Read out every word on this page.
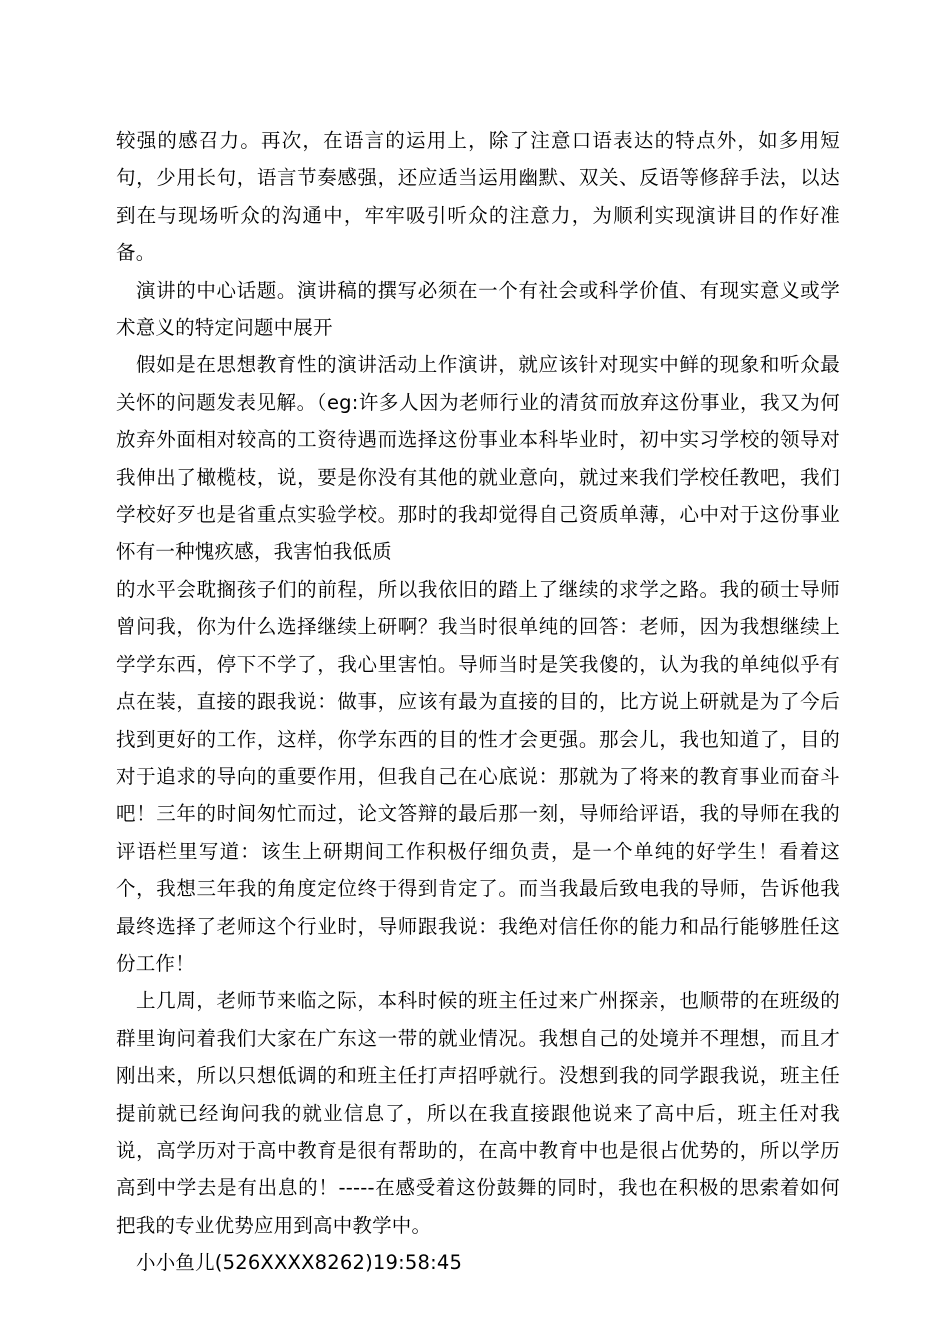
较强的感召力。再次，在语言的运用上，除了注意口语表达的特点外，如多用短句，少用长句，语言节奏感强，还应适当运用幽默、双关、反语等修辞手法，以达到在与现场听众的沟通中，牢牢吸引听众的注意力，为顺利实现演讲目的作好准备。

演讲的中心话题。演讲稿的撰写必须在一个有社会或科学价值、有现实意义或学术意义的特定问题中展开

假如是在思想教育性的演讲活动上作演讲，就应该针对现实中鲜的现象和听众最关怀的问题发表见解。（eg:许多人因为老师行业的清贫而放弃这份事业，我又为何放弃外面相对较高的工资待遇而选择这份事业本科毕业时，初中实习学校的领导对我伸出了橄榄枝，说，要是你没有其他的就业意向，就过来我们学校任教吧，我们学校好歹也是省重点实验学校。那时的我却觉得自己资质单薄，心中对于这份事业怀有一种愧疚感，我害怕我低质

的水平会耽搁孩子们的前程，所以我依旧的踏上了继续的求学之路。我的硕士导师曾问我，你为什么选择继续上研啊？我当时很单纯的回答：老师，因为我想继续上学学东西，停下不学了，我心里害怕。导师当时是笑我傻的，认为我的单纯似乎有点在装，直接的跟我说：做事，应该有最为直接的目的，比方说上研就是为了今后找到更好的工作，这样，你学东西的目的性才会更强。那会儿，我也知道了，目的对于追求的导向的重要作用，但我自己在心底说：那就为了将来的教育事业而奋斗吧！三年的时间匆忙而过，论文答辩的最后那一刻，导师给评语，我的导师在我的评语栏里写道：该生上研期间工作积极仔细负责，是一个单纯的好学生！看着这个，我想三年我的角度定位终于得到肯定了。而当我最后致电我的导师，告诉他我最终选择了老师这个行业时，导师跟我说：我绝对信任你的能力和品行能够胜任这份工作！

上几周，老师节来临之际，本科时候的班主任过来广州探亲，也顺带的在班级的群里询问着我们大家在广东这一带的就业情况。我想自己的处境并不理想，而且才刚出来，所以只想低调的和班主任打声招呼就行。没想到我的同学跟我说，班主任提前就已经询问我的就业信息了，所以在我直接跟他说来了高中后，班主任对我说，高学历对于高中教育是很有帮助的，在高中教育中也是很占优势的，所以学历高到中学去是有出息的！-----在感受着这份鼓舞的同时，我也在积极的思索着如何把我的专业优势应用到高中教学中。

小小鱼儿(526XXXX8262)19:58:45
